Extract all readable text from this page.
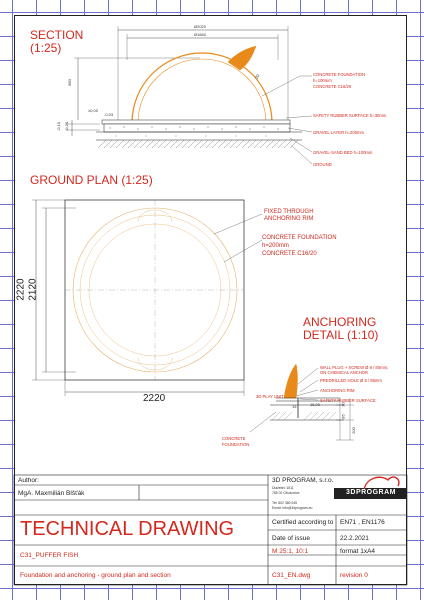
SECTION
(1:25)
Ø2020
Ø1660
980
20
±0,00
-0,03
-0,10 -0,20
CONCRETE FOUNDATION
h=100mm
CONCRETE C16/20
SAFETY RUBBER SURFACE h=30mm
GRAVEL LAYER h=200mm
GRAVEL-SAND BED h=100mm
GROUND
GROUND PLAN (1:25)
FIXED THROUGH
ANCHORING RIM
CONCRETE FOUNDATION
h=200mm
CONCRETE C16/20
2220 2120
2220
ANCHORING
DETAIL (1:10)
WALL PLUG + SCREW Ø 8 / 80mm,
ON CHEMICAL ANCHOR
PREDRILLED HOLE Ø 8 / 85mm
ANCHORING RIM
SAFETY RUBBER SURFACE
3D PLAY UNIT
CONCRETE
FOUNDATION
30
85
200
15	15,00
Author:
MgA. Maxmilián Blšťák
3D PROGRAM, s.r.o.
Dlažební 1511
765 02 Otrokovice
Tel: 602 380 045
Email: info@3dprogram.eu
3DPROGRAM
TECHNICAL DRAWING
C31_PUFFER FISH
Foundation and anchoring - ground plan and section
Certified according to EN71 , EN1176
Date of issue	22.2.2021
M 25:1, 10:1	format 1xA4
C31_EN.dwg	revision 0
